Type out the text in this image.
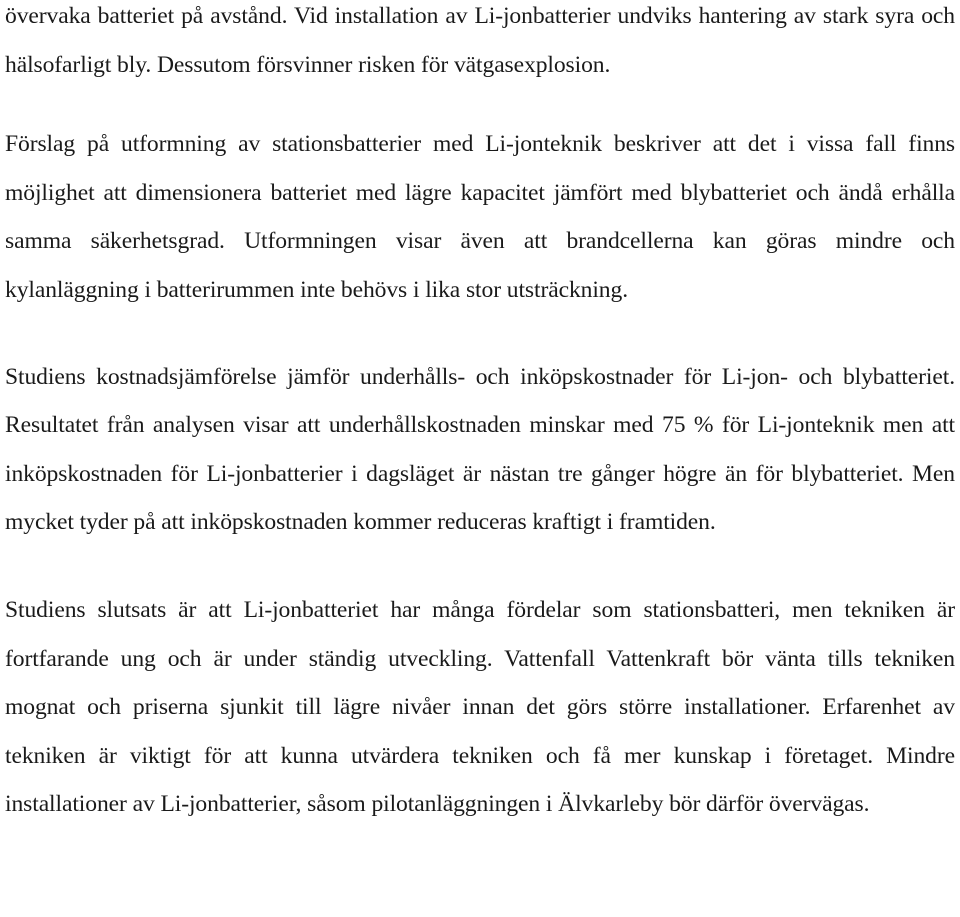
övervaka batteriet på avstånd. Vid installation av Li-jonbatterier undviks hantering av stark syra och hälsofarligt bly. Dessutom försvinner risken för vätgasexplosion.

Förslag på utformning av stationsbatterier med Li-jonteknik beskriver att det i vissa fall finns möjlighet att dimensionera batteriet med lägre kapacitet jämfört med blybatteriet och ändå erhålla samma säkerhetsgrad. Utformningen visar även att brandcellerna kan göras mindre och kylanläggning i batterirummen inte behövs i lika stor utsträckning.

Studiens kostnadsjämförelse jämför underhålls- och inköpskostnader för Li-jon- och blybatteriet. Resultatet från analysen visar att underhållskostnaden minskar med 75 % för Li-jonteknik men att inköpskostnaden för Li-jonbatterier i dagsläget är nästan tre gånger högre än för blybatteriet. Men mycket tyder på att inköpskostnaden kommer reduceras kraftigt i framtiden.

Studiens slutsats är att Li-jonbatteriet har många fördelar som stationsbatteri, men tekniken är fortfarande ung och är under ständig utveckling. Vattenfall Vattenkraft bör vänta tills tekniken mognat och priserna sjunkit till lägre nivåer innan det görs större installationer. Erfarenhet av tekniken är viktigt för att kunna utvärdera tekniken och få mer kunskap i företaget. Mindre installationer av Li-jonbatterier, såsom pilotanläggningen i Älvkarleby bör därför övervägas.
